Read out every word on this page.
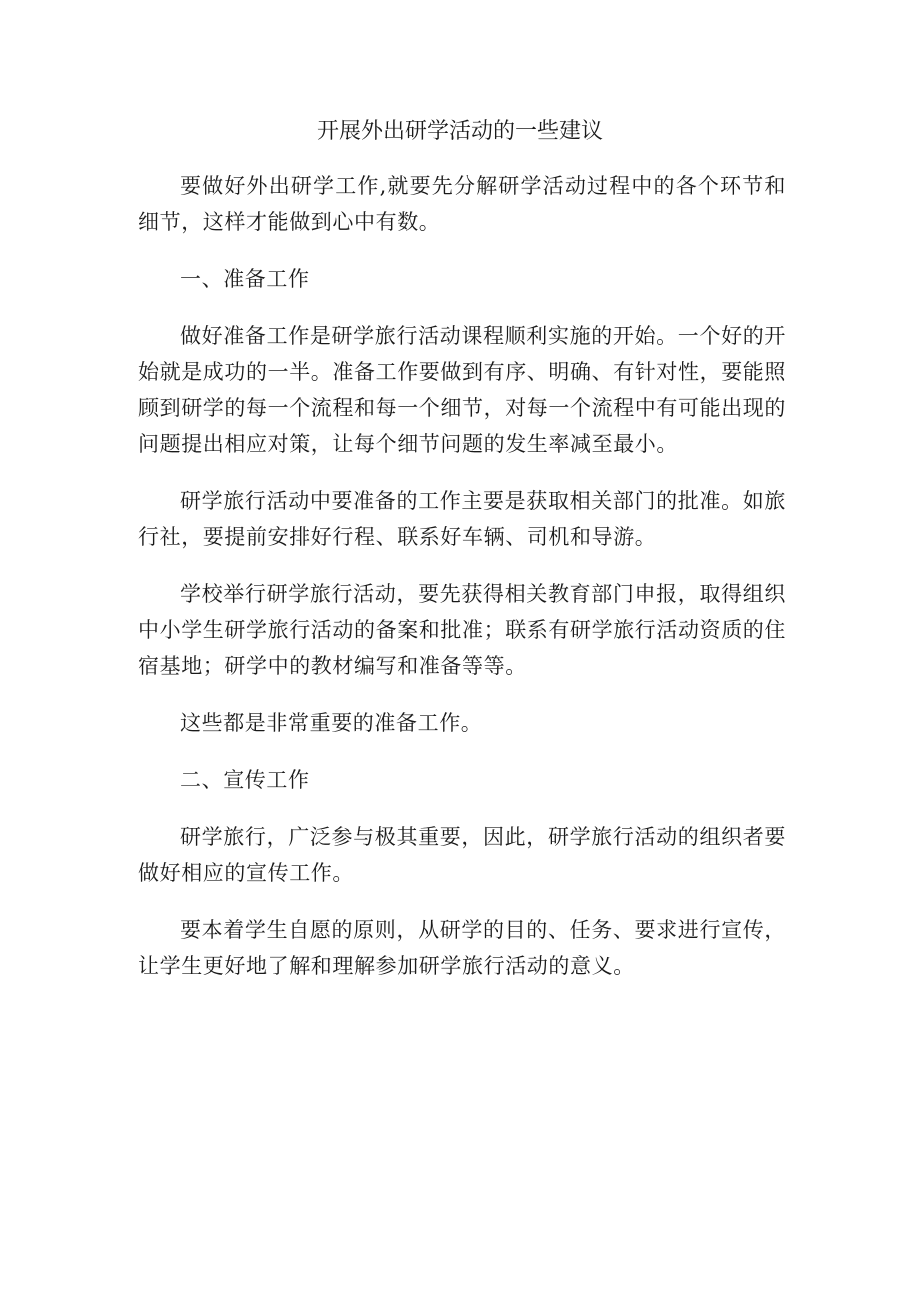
开展外出研学活动的一些建议

要做好外出研学工作,就要先分解研学活动过程中的各个环节和细节，这样才能做到心中有数。

一、准备工作

做好准备工作是研学旅行活动课程顺利实施的开始。一个好的开始就是成功的一半。准备工作要做到有序、明确、有针对性，要能照顾到研学的每一个流程和每一个细节，对每一个流程中有可能出现的问题提出相应对策，让每个细节问题的发生率减至最小。

研学旅行活动中要准备的工作主要是获取相关部门的批准。如旅行社，要提前安排好行程、联系好车辆、司机和导游。

学校举行研学旅行活动，要先获得相关教育部门申报，取得组织中小学生研学旅行活动的备案和批准；联系有研学旅行活动资质的住宿基地；研学中的教材编写和准备等等。

这些都是非常重要的准备工作。

二、宣传工作

研学旅行，广泛参与极其重要，因此，研学旅行活动的组织者要做好相应的宣传工作。

要本着学生自愿的原则，从研学的目的、任务、要求进行宣传，让学生更好地了解和理解参加研学旅行活动的意义。
